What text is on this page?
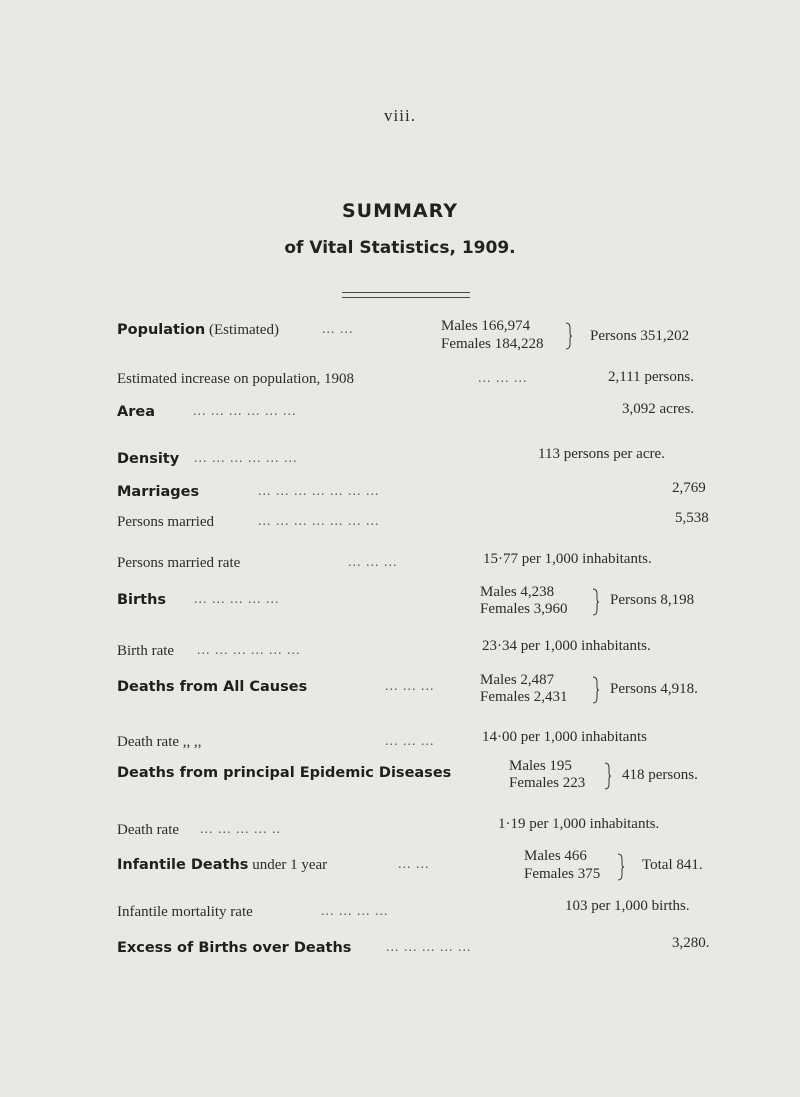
viii.
SUMMARY
of Vital Statistics, 1909.
Population (Estimated)	... ...	Males 166,974
Females 184,228	Persons 351,202
Estimated increase on population, 1908	... ... ...	2,111 persons.
Area	... ... ... ... ... ...	3,092 acres.
Density ... ... ... ... ... ...	113 persons per acre.
Marriages	... ... ... ... ... ... ...	2,769
Persons married	... ... ... ... ... ... ...	5,538
Persons married rate	... ... ...	15·77 per 1,000 inhabitants.
Births ... ... ... ... ...	Males 4,238
Females 3,960
Persons 8,198
Birth rate ... ... ... ... ... ...	23·34 per 1,000 inhabitants.
Deaths from All Causes	... ... ...	Males 2,487
Females 2,431	Persons 4,918.
Death rate ,, ,,	... ... ...	14·00 per 1,000 inhabitants
Deaths from principal Epidemic Diseases	Males 195
Females 223 418 persons.
Death rate ... ... ... ... ..	1·19 per 1,000 inhabitants.
Infantile Deaths under 1 year	... ...
Males 466
Females 375
Total 841.
Infantile mortality rate	... ... ... ...	103 per 1,000 births.
Excess of Births over Deaths ... ... ... ... ...	3,280.
